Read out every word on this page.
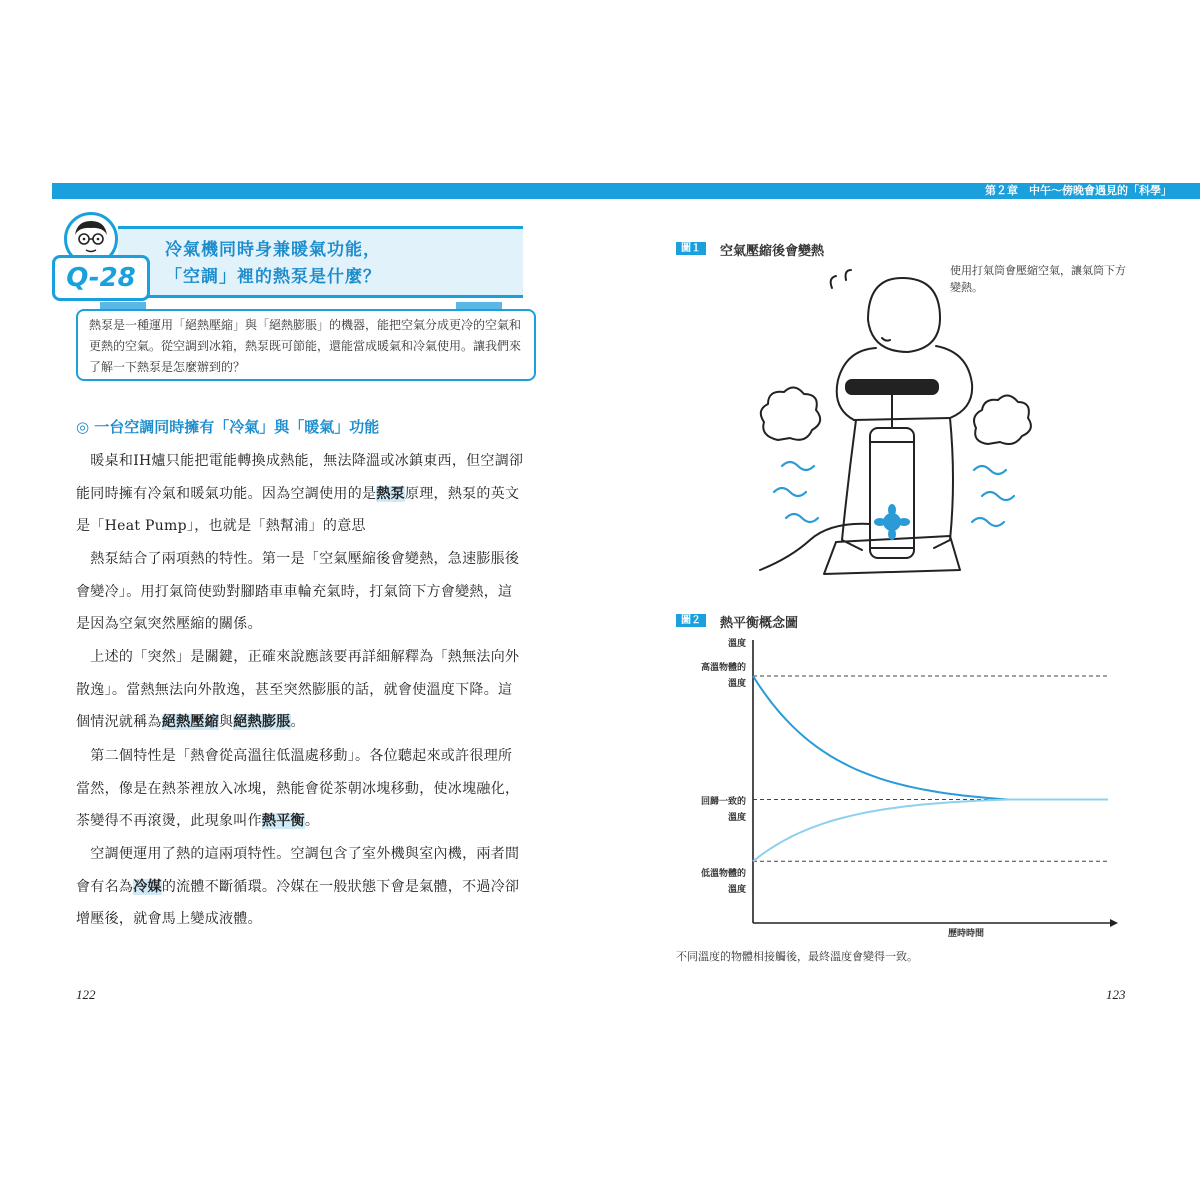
第２章　中午～傍晚會遇見的「科學」
冷氣機同時身兼暖氣功能，
「空調」裡的熱泵是什麼？
Q-28
熱泵是一種運用「絕熱壓縮」與「絕熱膨脹」的機器，能把空氣分成更冷的空氣和更熱的空氣。從空調到冰箱，熱泵既可節能，還能當成暖氣和冷氣使用。讓我們來了解一下熱泵是怎麼辦到的？
◎ 一台空調同時擁有「冷氣」與「暖氣」功能
　暖桌和IH爐只能把電能轉換成熱能，無法降溫或冰鎮東西，但空調卻能同時擁有冷氣和暖氣功能。因為空調使用的是熱泵原理，熱泵的英文是「Heat Pump」，也就是「熱幫浦」的意思
　熱泵結合了兩項熱的特性。第一是「空氣壓縮後會變熱，急速膨脹後會變冷」。用打氣筒使勁對腳踏車車輪充氣時，打氣筒下方會變熱，這是因為空氣突然壓縮的關係。
　上述的「突然」是關鍵，正確來說應該要再詳細解釋為「熱無法向外散逸」。當熱無法向外散逸，甚至突然膨脹的話，就會使溫度下降。這個情況就稱為絕熱壓縮與絕熱膨脹。
　第二個特性是「熱會從高溫往低溫處移動」。各位聽起來或許很理所當然，像是在熱茶裡放入冰塊，熱能會從茶朝冰塊移動，使冰塊融化，茶變得不再滾燙，此現象叫作熱平衡。
　空調便運用了熱的這兩項特性。空調包含了室外機與室內機，兩者間會有名為冷媒的流體不斷循環。冷媒在一般狀態下會是氣體，不過冷卻增壓後，就會馬上變成液體。
122
圖１	空氣壓縮後會變熱
使用打氣筒會壓縮空氣，讓氣筒下方變熱。
圖２	熱平衡概念圖
溫度
高溫物體的
溫度
回歸一致的
溫度
低溫物體的
溫度
歷時時間
不同溫度的物體相接觸後，最終溫度會變得一致。
123
